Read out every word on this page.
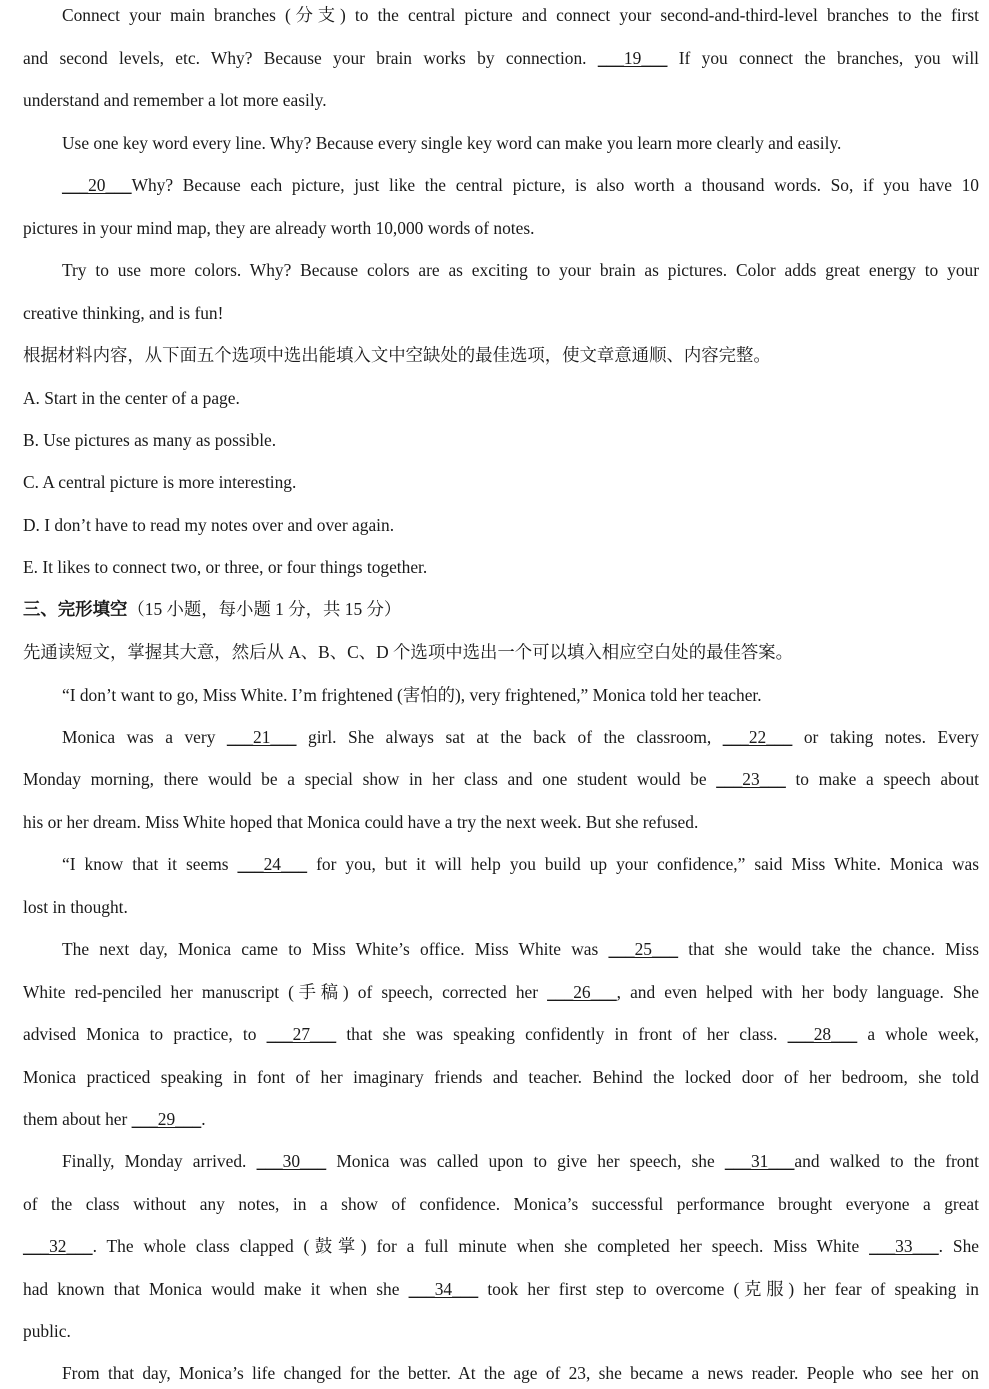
Connect your main branches (分支) to the central picture and connect your second-and-third-level branches to the first
and second levels, etc. Why? Because your brain works by connection. ___19___ If you connect the branches, you will
understand and remember a lot more easily.
Use one key word every line. Why? Because every single key word can make you learn more clearly and easily.
___20___Why? Because each picture, just like the central picture, is also worth a thousand words. So, if you have 10
pictures in your mind map, they are already worth 10,000 words of notes.
Try to use more colors. Why? Because colors are as exciting to your brain as pictures. Color adds great energy to your
creative thinking, and is fun!
根据材料内容，从下面五个选项中选出能填入文中空缺处的最佳选项，使文章意通顺、内容完整。
A. Start in the center of a page.
B. Use pictures as many as possible.
C. A central picture is more interesting.
D. I don’t have to read my notes over and over again.
E. It likes to connect two, or three, or four things together.
三、完形填空（15 小题，每小题 1 分，共 15 分）
先通读短文，掌握其大意，然后从 A、B、C、D 个选项中选出一个可以填入相应空白处的最佳答案。
“I don’t want to go, Miss White. I’m frightened (害怕的), very frightened,” Monica told her teacher.
Monica was a very ___21___ girl. She always sat at the back of the classroom, ___22___ or taking notes. Every
Monday morning, there would be a special show in her class and one student would be ___23___ to make a speech about
his or her dream. Miss White hoped that Monica could have a try the next week. But she refused.
“I know that it seems ___24___ for you, but it will help you build up your confidence,” said Miss White. Monica was
lost in thought.
The next day, Monica came to Miss White’s office. Miss White was ___25___ that she would take the chance. Miss
White red-penciled her manuscript (手稿) of speech, corrected her ___26___, and even helped with her body language. She
advised Monica to practice, to ___27___ that she was speaking confidently in front of her class. ___28___ a whole week,
Monica practiced speaking in font of her imaginary friends and teacher. Behind the locked door of her bedroom, she told
them about her ___29___.
Finally, Monday arrived. ___30___ Monica was called upon to give her speech, she ___31___and walked to the front
of the class without any notes, in a show of confidence. Monica’s successful performance brought everyone a great
___32___. The whole class clapped (鼓掌) for a full minute when she completed her speech. Miss White ___33___. She
had known that Monica would make it when she ___34___ took her first step to overcome (克服) her fear of speaking in
public.
From that day, Monica’s life changed for the better. At the age of 23, she became a news reader. People who see her on
